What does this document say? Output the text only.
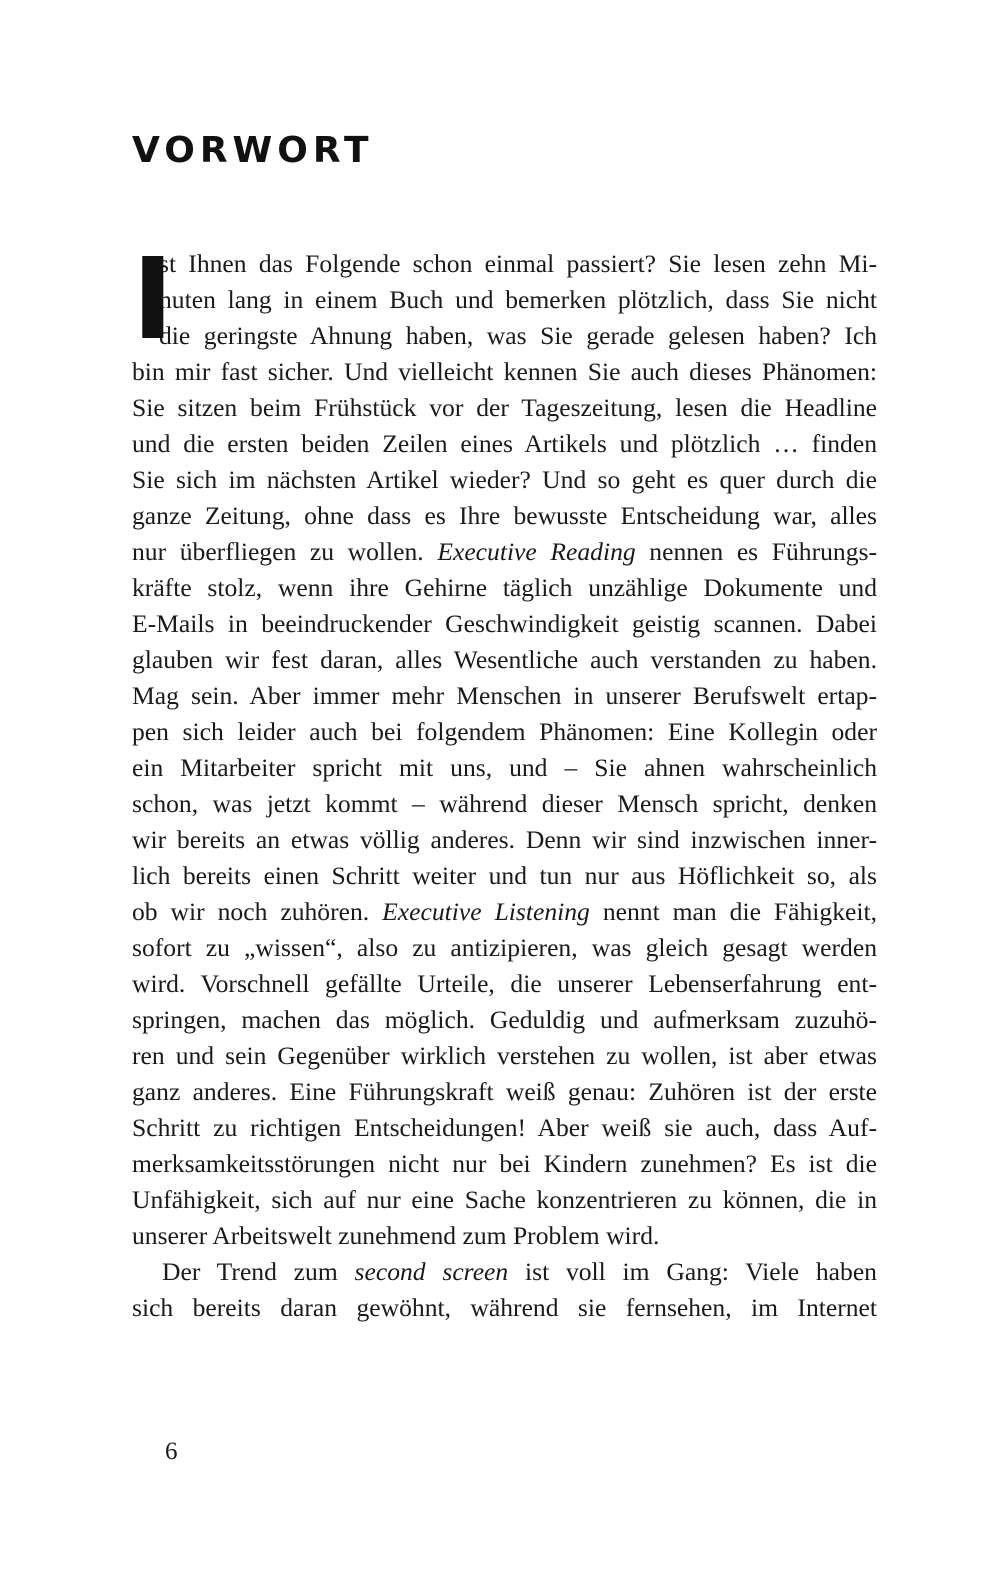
VORWORT
I
st Ihnen das Folgende schon einmal passiert? Sie lesen zehn Mi-
nuten lang in einem Buch und bemerken plötzlich, dass Sie nicht
die geringste Ahnung haben, was Sie gerade gelesen haben? Ich
bin mir fast sicher. Und vielleicht kennen Sie auch dieses Phänomen:
Sie sitzen beim Frühstück vor der Tageszeitung, lesen die Headline
und die ersten beiden Zeilen eines Artikels und plötzlich … finden
Sie sich im nächsten Artikel wieder? Und so geht es quer durch die
ganze Zeitung, ohne dass es Ihre bewusste Entscheidung war, alles
nur überfliegen zu wollen. Executive Reading nennen es Führungs-
kräfte stolz, wenn ihre Gehirne täglich unzählige Dokumente und
E-Mails in beeindruckender Geschwindigkeit geistig scannen. Dabei
glauben wir fest daran, alles Wesentliche auch verstanden zu haben.
Mag sein. Aber immer mehr Menschen in unserer Berufswelt ertap-
pen sich leider auch bei folgendem Phänomen: Eine Kollegin oder
ein Mitarbeiter spricht mit uns, und – Sie ahnen wahrscheinlich
schon, was jetzt kommt – während dieser Mensch spricht, denken
wir bereits an etwas völlig anderes. Denn wir sind inzwischen inner-
lich bereits einen Schritt weiter und tun nur aus Höflichkeit so, als
ob wir noch zuhören. Executive Listening nennt man die Fähigkeit,
sofort zu „wissen“, also zu antizipieren, was gleich gesagt werden
wird. Vorschnell gefällte Urteile, die unserer Lebenserfahrung ent-
springen, machen das möglich. Geduldig und aufmerksam zuzuhö-
ren und sein Gegenüber wirklich verstehen zu wollen, ist aber etwas
ganz anderes. Eine Führungskraft weiß genau: Zuhören ist der erste
Schritt zu richtigen Entscheidungen! Aber weiß sie auch, dass Auf-
merksamkeitsstörungen nicht nur bei Kindern zunehmen? Es ist die
Unfähigkeit, sich auf nur eine Sache konzentrieren zu können, die in
unserer Arbeitswelt zunehmend zum Problem wird.
Der Trend zum second screen ist voll im Gang: Viele haben
sich bereits daran gewöhnt, während sie fernsehen, im Internet
6
